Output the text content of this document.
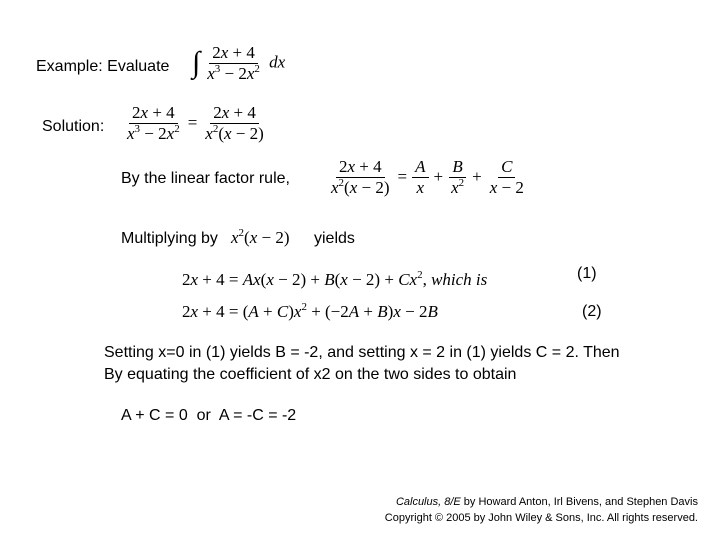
Example: Evaluate ∫ $\frac{2x + 4}{x^3 - 2x^2}$ dx
Solution: $\frac{2x + 4}{x^3 - 2x^2} = \frac{2x + 4}{x^2(x - 2)}$
By the linear factor rule, $\frac{2x + 4}{x^2(x - 2)} = \frac{A}{x} + \frac{B}{x^2} + \frac{C}{x - 2}$
Multiplying by $x^2(x - 2)$ yields
$2x + 4 = Ax(x - 2) + B(x - 2) + Cx^2$, which is	(1)
$2x + 4 = (A + C)x^2 + (-2A + B)x - 2B$	(2)
Setting x=0 in (1) yields B = -2, and setting x = 2 in (1) yields C = 2. Then
By equating the coefficient of x2 on the two sides to obtain
A + C = 0  or  A = -C = -2
Calculus, 8/E by Howard Anton, Irl Bivens, and Stephen Davis
Copyright © 2005 by John Wiley & Sons, Inc. All rights reserved.
